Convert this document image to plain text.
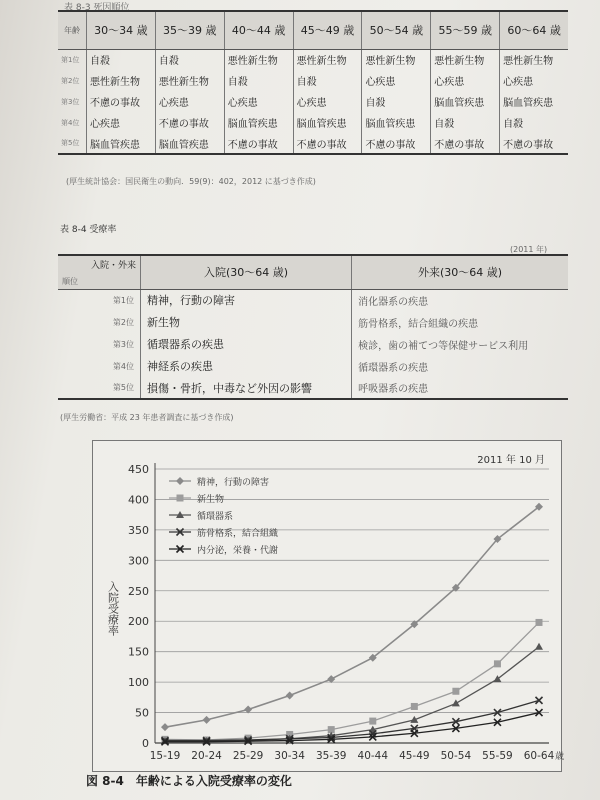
表 8-3 死因順位
(2010 年)
年齢	30～34 歳	35～39 歳	40～44 歳	45～49 歳	50～54 歳	55～59 歳	60～64 歳
第1位	自殺	自殺	悪性新生物	悪性新生物	悪性新生物	悪性新生物	悪性新生物
第2位	悪性新生物	悪性新生物	自殺	自殺	心疾患	心疾患	心疾患
第3位	不慮の事故	心疾患	心疾患	心疾患	自殺	脳血管疾患	脳血管疾患
第4位	心疾患	不慮の事故	脳血管疾患	脳血管疾患	脳血管疾患	自殺	自殺
第5位	脳血管疾患	脳血管疾患	不慮の事故	不慮の事故	不慮の事故	不慮の事故	不慮の事故
(厚生統計協会：国民衛生の動向．59(9)：402，2012 に基づき作成)
表 8-4 受療率
(2011 年)
入院・外来
順位	入院(30～64 歳)	外来(30～64 歳)
第1位	精神，行動の障害	消化器系の疾患
第2位	新生物	筋骨格系，結合組織の疾患
第3位	循環器系の疾患	検診，歯の補てつ等保健サービス利用
第4位	神経系の疾患	循環器系の疾患
第5位	損傷・骨折，中毒など外因の影響	呼吸器系の疾患
(厚生労働省：平成 23 年患者調査に基づき作成)
0
50
100
150
200
250
300
350
400
450
15-19 20-24 25-29 30-34 35-39 40-44 45-49 50-54 55-59 60-64 歳
入院受療率
2011 年 10 月
精神，行動の障害
新生物
循環器系
筋骨格系，結合組織
内分泌，栄養・代謝
図 8-4　年齢による入院受療率の変化
